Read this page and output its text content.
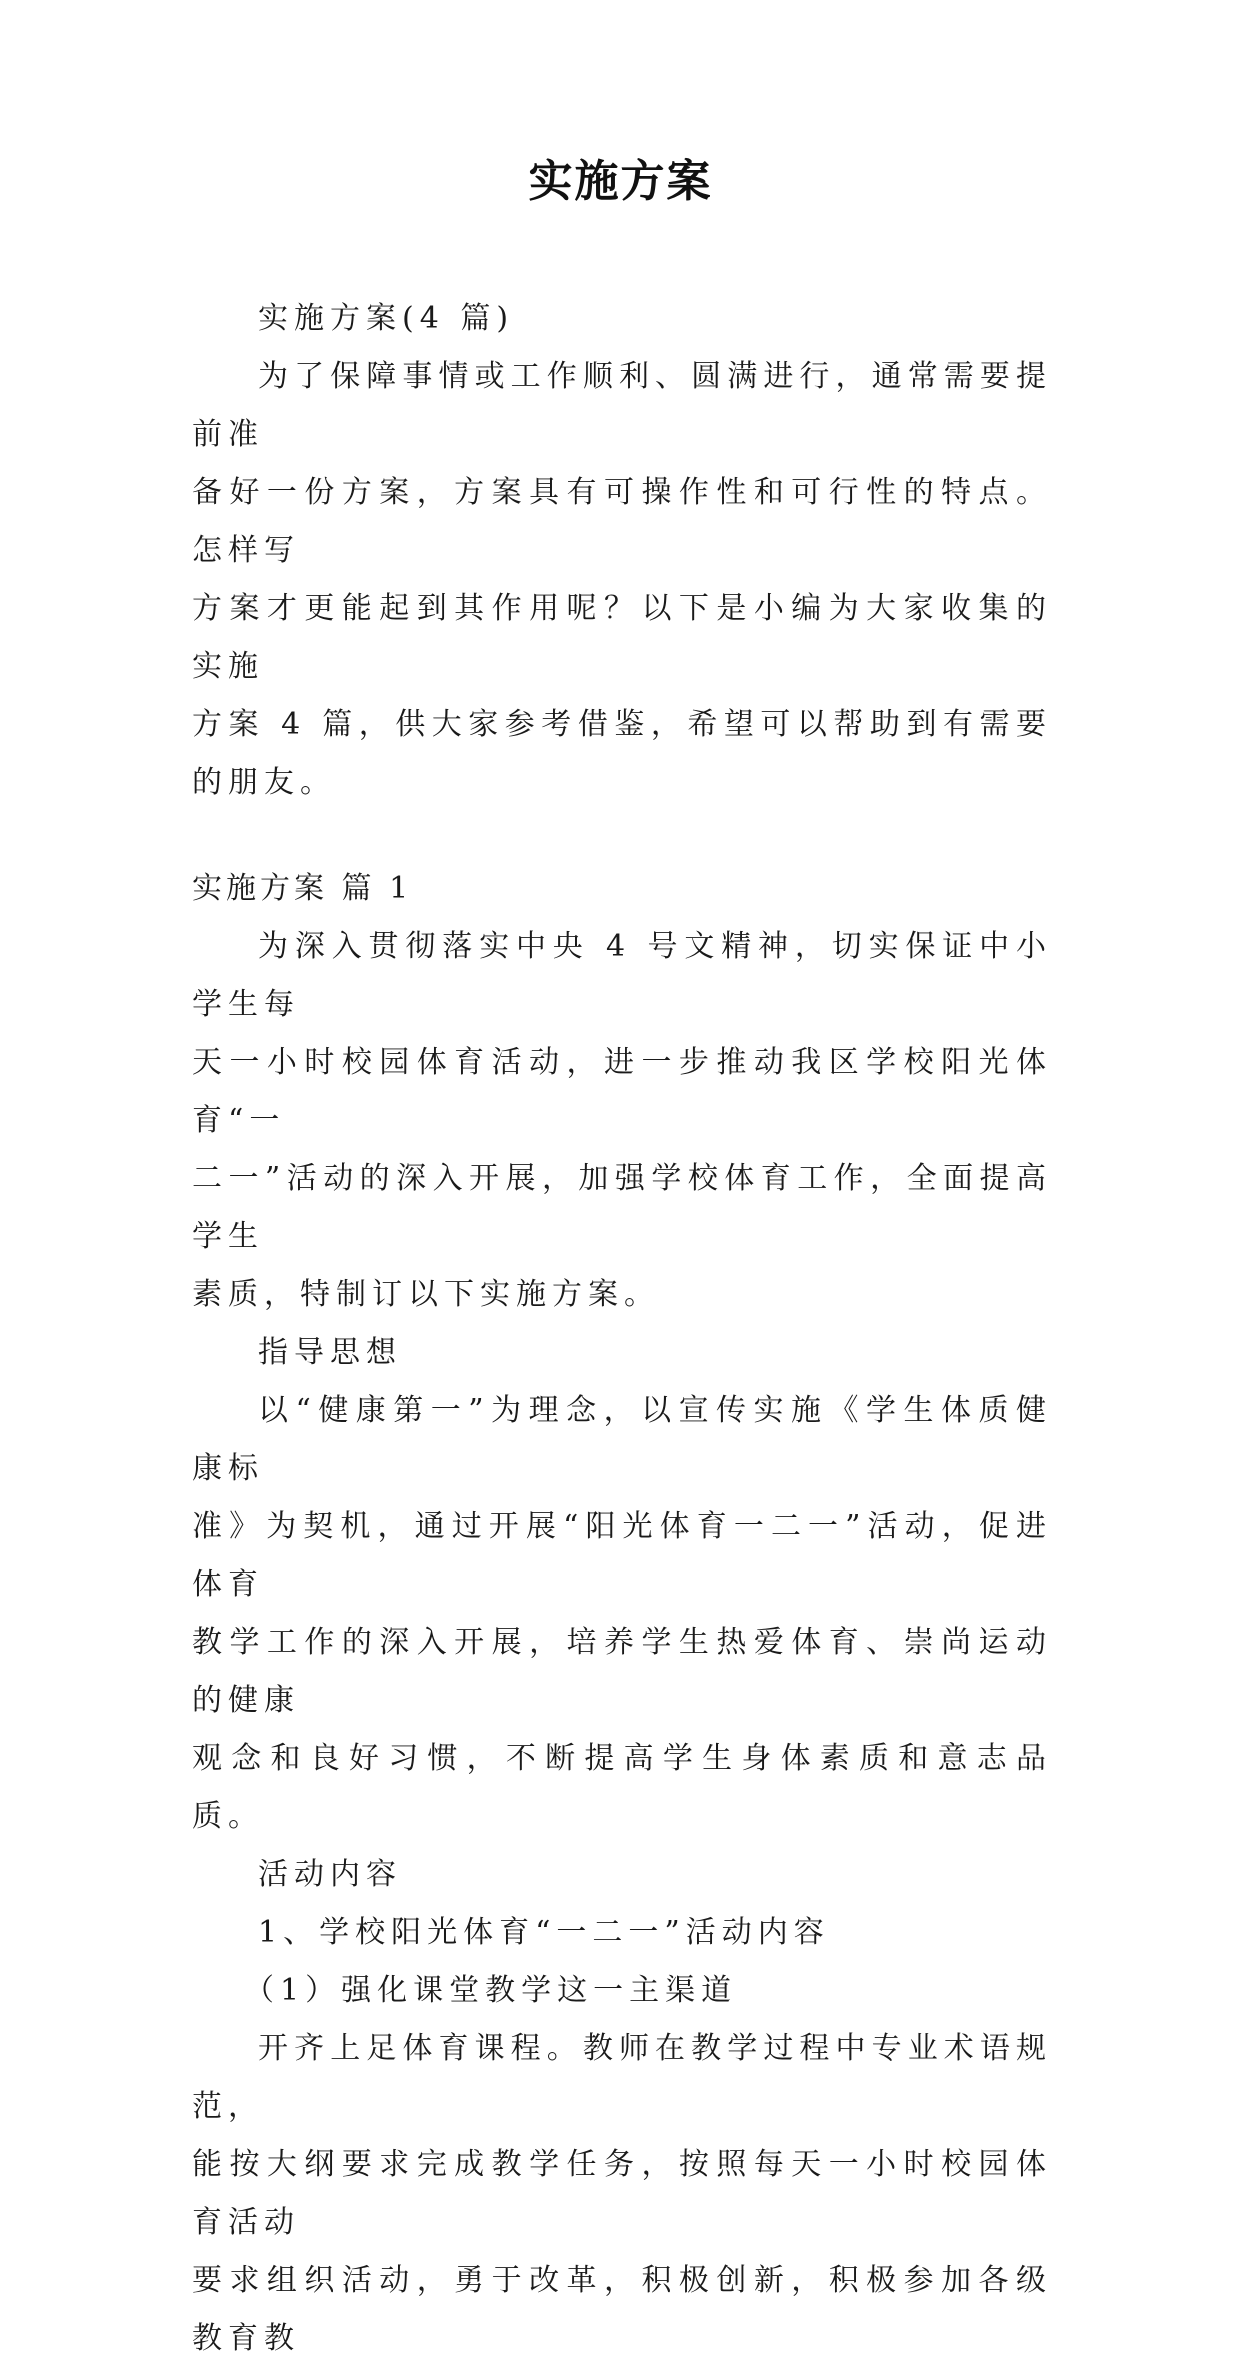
实施方案

实施方案(4 篇)

为了保障事情或工作顺利、圆满进行，通常需要提前准
备好一份方案，方案具有可操作性和可行性的特点。怎样写
方案才更能起到其作用呢？以下是小编为大家收集的实施
方案 4 篇，供大家参考借鉴，希望可以帮助到有需要的朋友。

实施方案 篇 1

为深入贯彻落实中央 4 号文精神，切实保证中小学生每
天一小时校园体育活动，进一步推动我区学校阳光体育“一
二一”活动的深入开展，加强学校体育工作，全面提高学生
素质，特制订以下实施方案。

指导思想

以“健康第一”为理念，以宣传实施《学生体质健康标
准》为契机，通过开展“阳光体育一二一”活动，促进体育
教学工作的深入开展，培养学生热爱体育、崇尚运动的健康
观念和良好习惯，不断提高学生身体素质和意志品质。

活动内容

1、学校阳光体育“一二一”活动内容

（1）强化课堂教学这一主渠道

开齐上足体育课程。教师在教学过程中专业术语规范，
能按大纲要求完成教学任务，按照每天一小时校园体育活动
要求组织活动，勇于改革，积极创新，积极参加各级教育教
